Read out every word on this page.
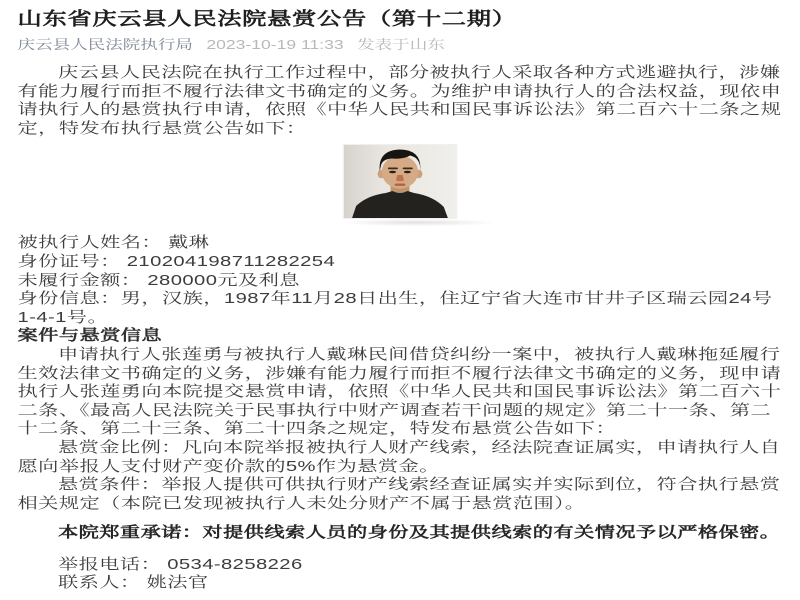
山东省庆云县人民法院悬赏公告（第十二期）
庆云县人民法院执行局 2023-10-19 11:33 发表于山东

庆云县人民法院在执行工作过程中，部分被执行人采取各种方式逃避执行，涉嫌有能力履行而拒不履行法律文书确定的义务。为维护申请执行人的合法权益，现依申请执行人的悬赏执行申请，依照《中华人民共和国民事诉讼法》第二百六十二条之规定，特发布执行悬赏公告如下：

被执行人姓名： 戴琳
身份证号： 210204198711282254
未履行金额： 280000元及利息
身份信息：男，汉族，1987年11月28日出生，住辽宁省大连市甘井子区瑞云园24号1-4-1号。
案件与悬赏信息

申请执行人张莲勇与被执行人戴琳民间借贷纠纷一案中，被执行人戴琳拖延履行生效法律文书确定的义务，涉嫌有能力履行而拒不履行法律文书确定的义务，现申请执行人张莲勇向本院提交悬赏申请，依照《中华人民共和国民事诉讼法》第二百六十二条、《最高人民法院关于民事执行中财产调查若干问题的规定》第二十一条、第二十二条、第二十三条、第二十四条之规定，特发布悬赏公告如下：

悬赏金比例：凡向本院举报被执行人财产线索，经法院查证属实，申请执行人自愿向举报人支付财产变价款的5%作为悬赏金。

悬赏条件：举报人提供可供执行财产线索经查证属实并实际到位，符合执行悬赏相关规定（本院已发现被执行人未处分财产不属于悬赏范围）。

本院郑重承诺：对提供线索人员的身份及其提供线索的有关情况予以严格保密。

举报电话： 0534-8258226
联系人： 姚法官
